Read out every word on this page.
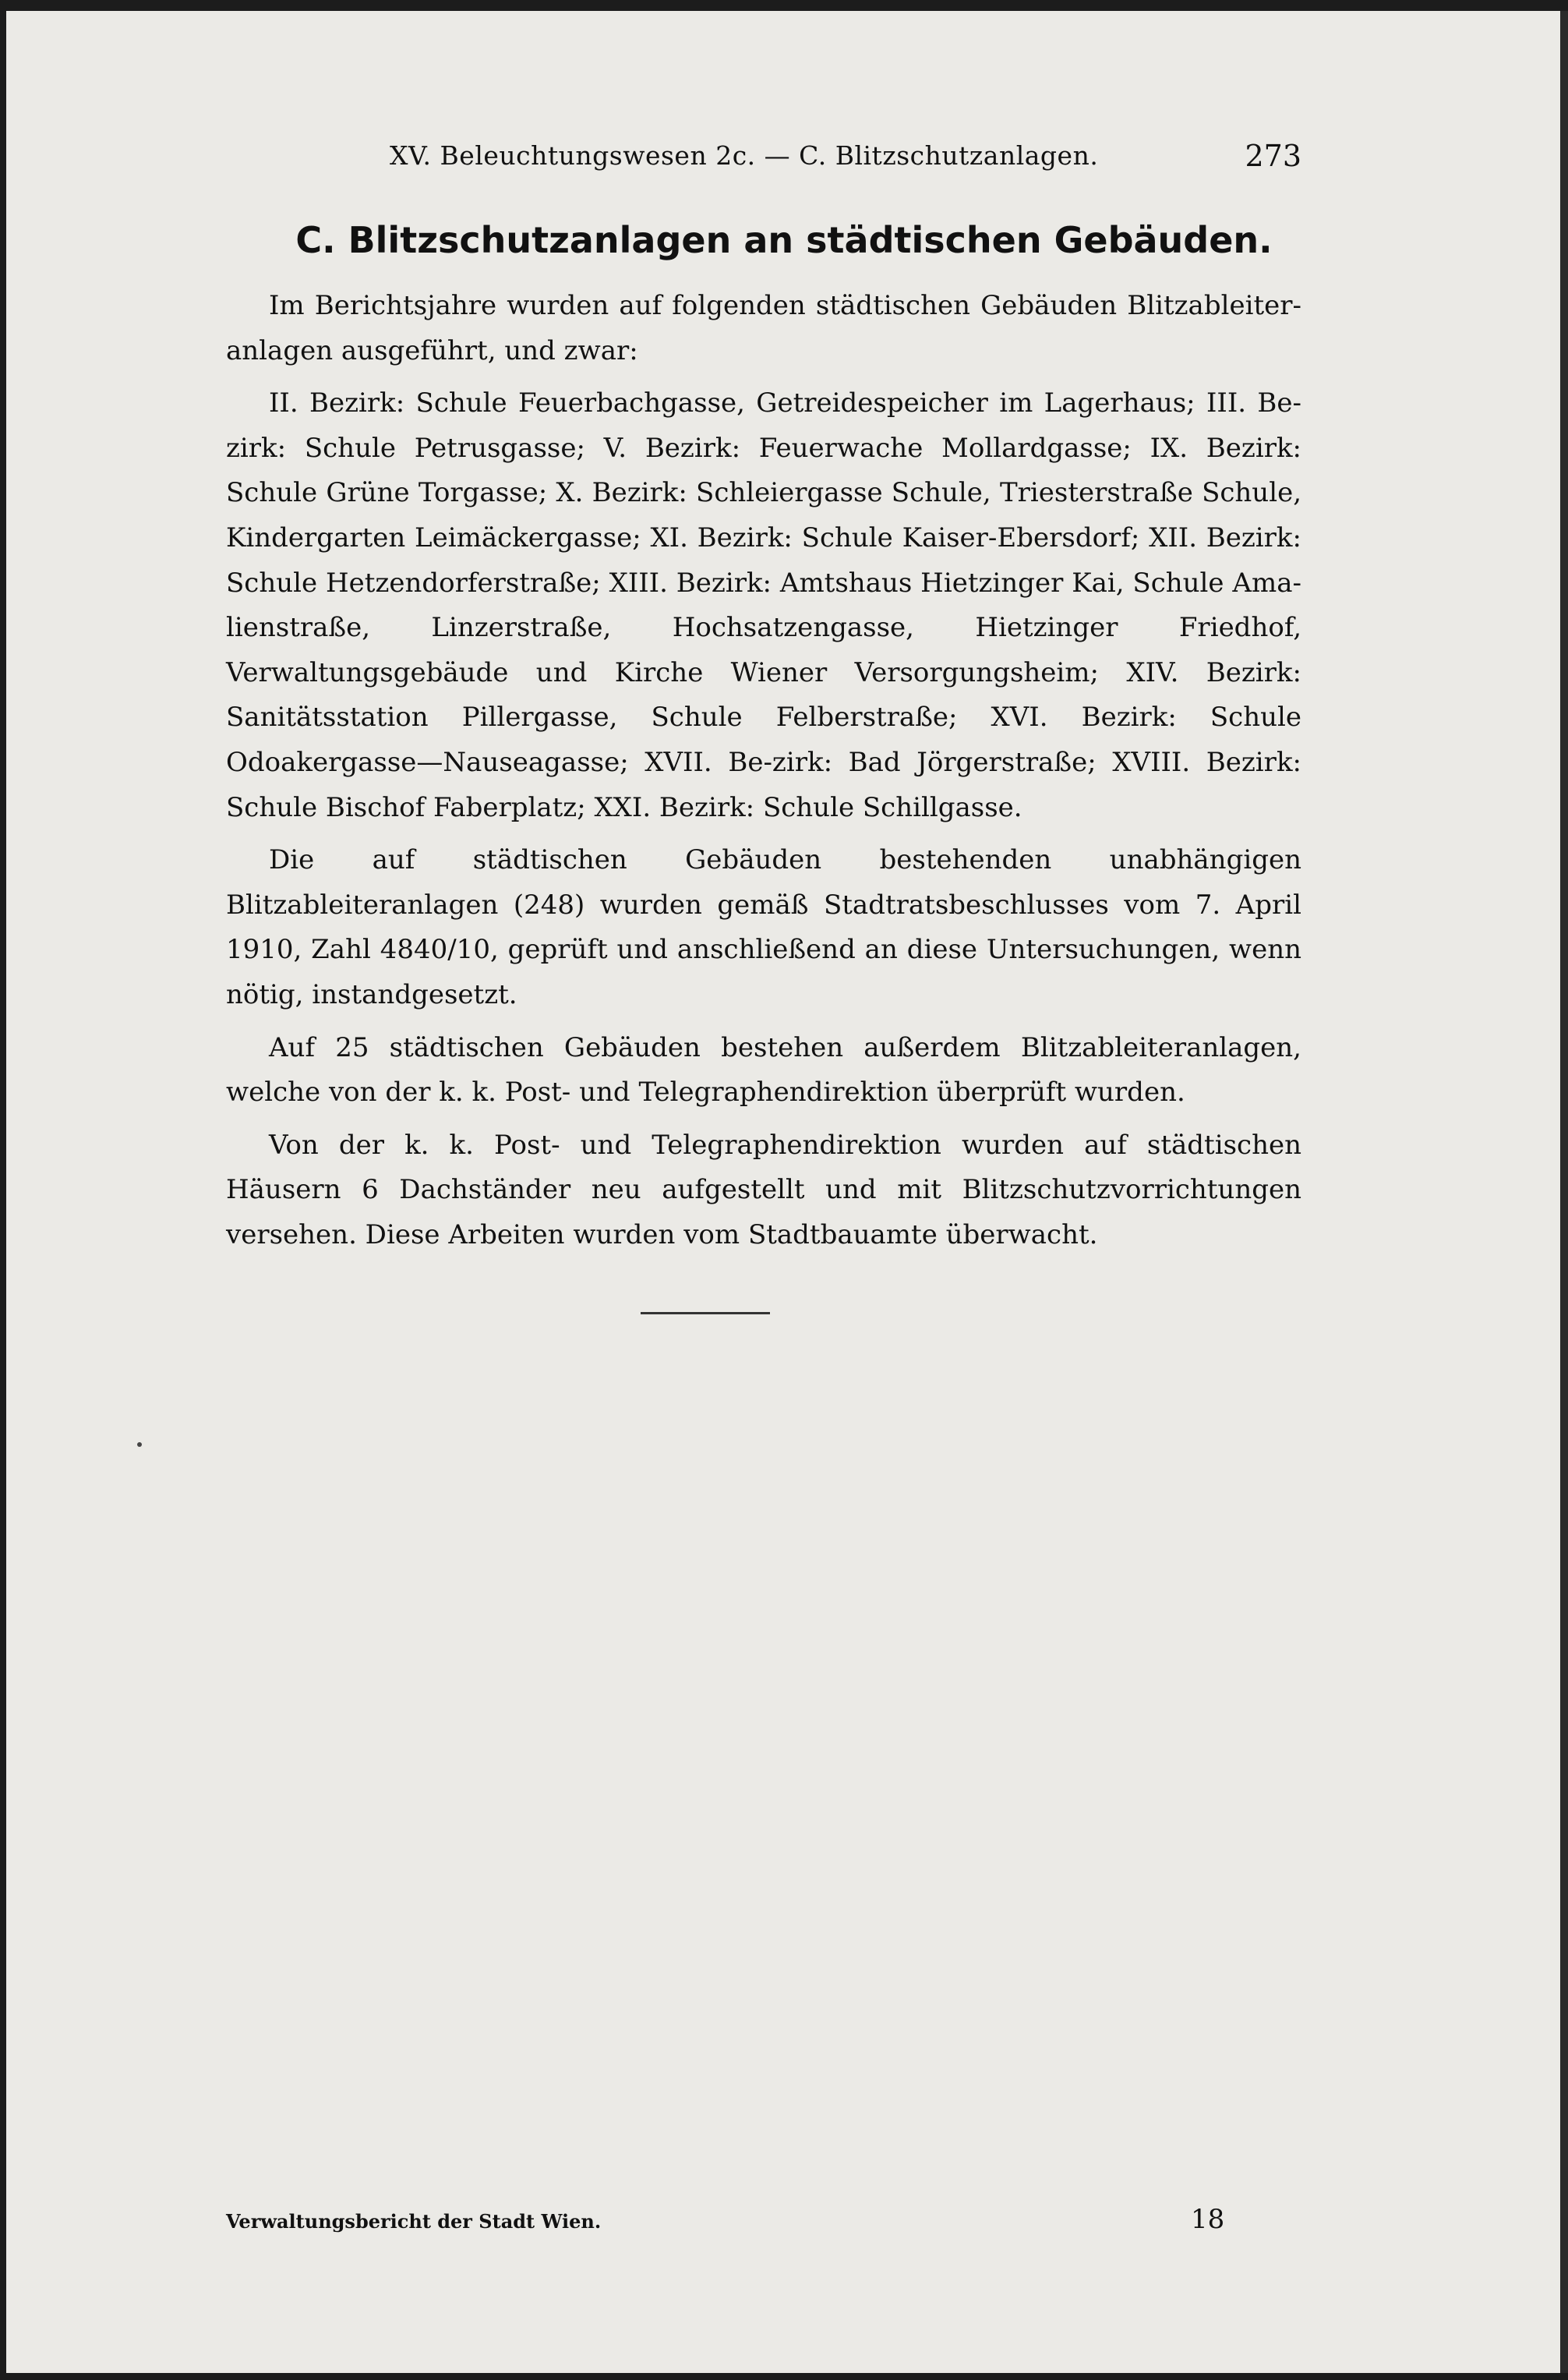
XV. Beleuchtungswesen 2c. — C. Blitzschutzanlagen.	273
C. Blitzschutzanlagen an städtischen Gebäuden.

Im Berichtsjahre wurden auf folgenden städtischen Gebäuden Blitzableiter-anlagen ausgeführt, und zwar:

II. Bezirk: Schule Feuerbachgasse, Getreidespeicher im Lagerhaus; III. Be-zirk: Schule Petrusgasse; V. Bezirk: Feuerwache Mollardgasse; IX. Bezirk: Schule Grüne Torgasse; X. Bezirk: Schleiergasse Schule, Triesterstraße Schule, Kindergarten Leimäckergasse; XI. Bezirk: Schule Kaiser-Ebersdorf; XII. Bezirk: Schule Hetzendorferstraße; XIII. Bezirk: Amtshaus Hietzinger Kai, Schule Ama-lienstraße, Linzerstraße, Hochsatzengasse, Hietzinger Friedhof, Verwaltungsgebäude und Kirche Wiener Versorgungsheim; XIV. Bezirk: Sanitätsstation Pillergasse, Schule Felberstraße; XVI. Bezirk: Schule Odoakergasse—Nauseagasse; XVII. Be-zirk: Bad Jörgerstraße; XVIII. Bezirk: Schule Bischof Faberplatz; XXI. Bezirk: Schule Schillgasse.

Die auf städtischen Gebäuden bestehenden unabhängigen Blitzableiteranlagen (248) wurden gemäß Stadtratsbeschlusses vom 7. April 1910, Zahl 4840/10, geprüft und anschließend an diese Untersuchungen, wenn nötig, instandgesetzt.

Auf 25 städtischen Gebäuden bestehen außerdem Blitzableiteranlagen, welche von der k. k. Post- und Telegraphendirektion überprüft wurden.

Von der k. k. Post- und Telegraphendirektion wurden auf städtischen Häusern 6 Dachständer neu aufgestellt und mit Blitzschutzvorrichtungen versehen. Diese Arbeiten wurden vom Stadtbauamte überwacht.

Verwaltungsbericht der Stadt Wien.	18
